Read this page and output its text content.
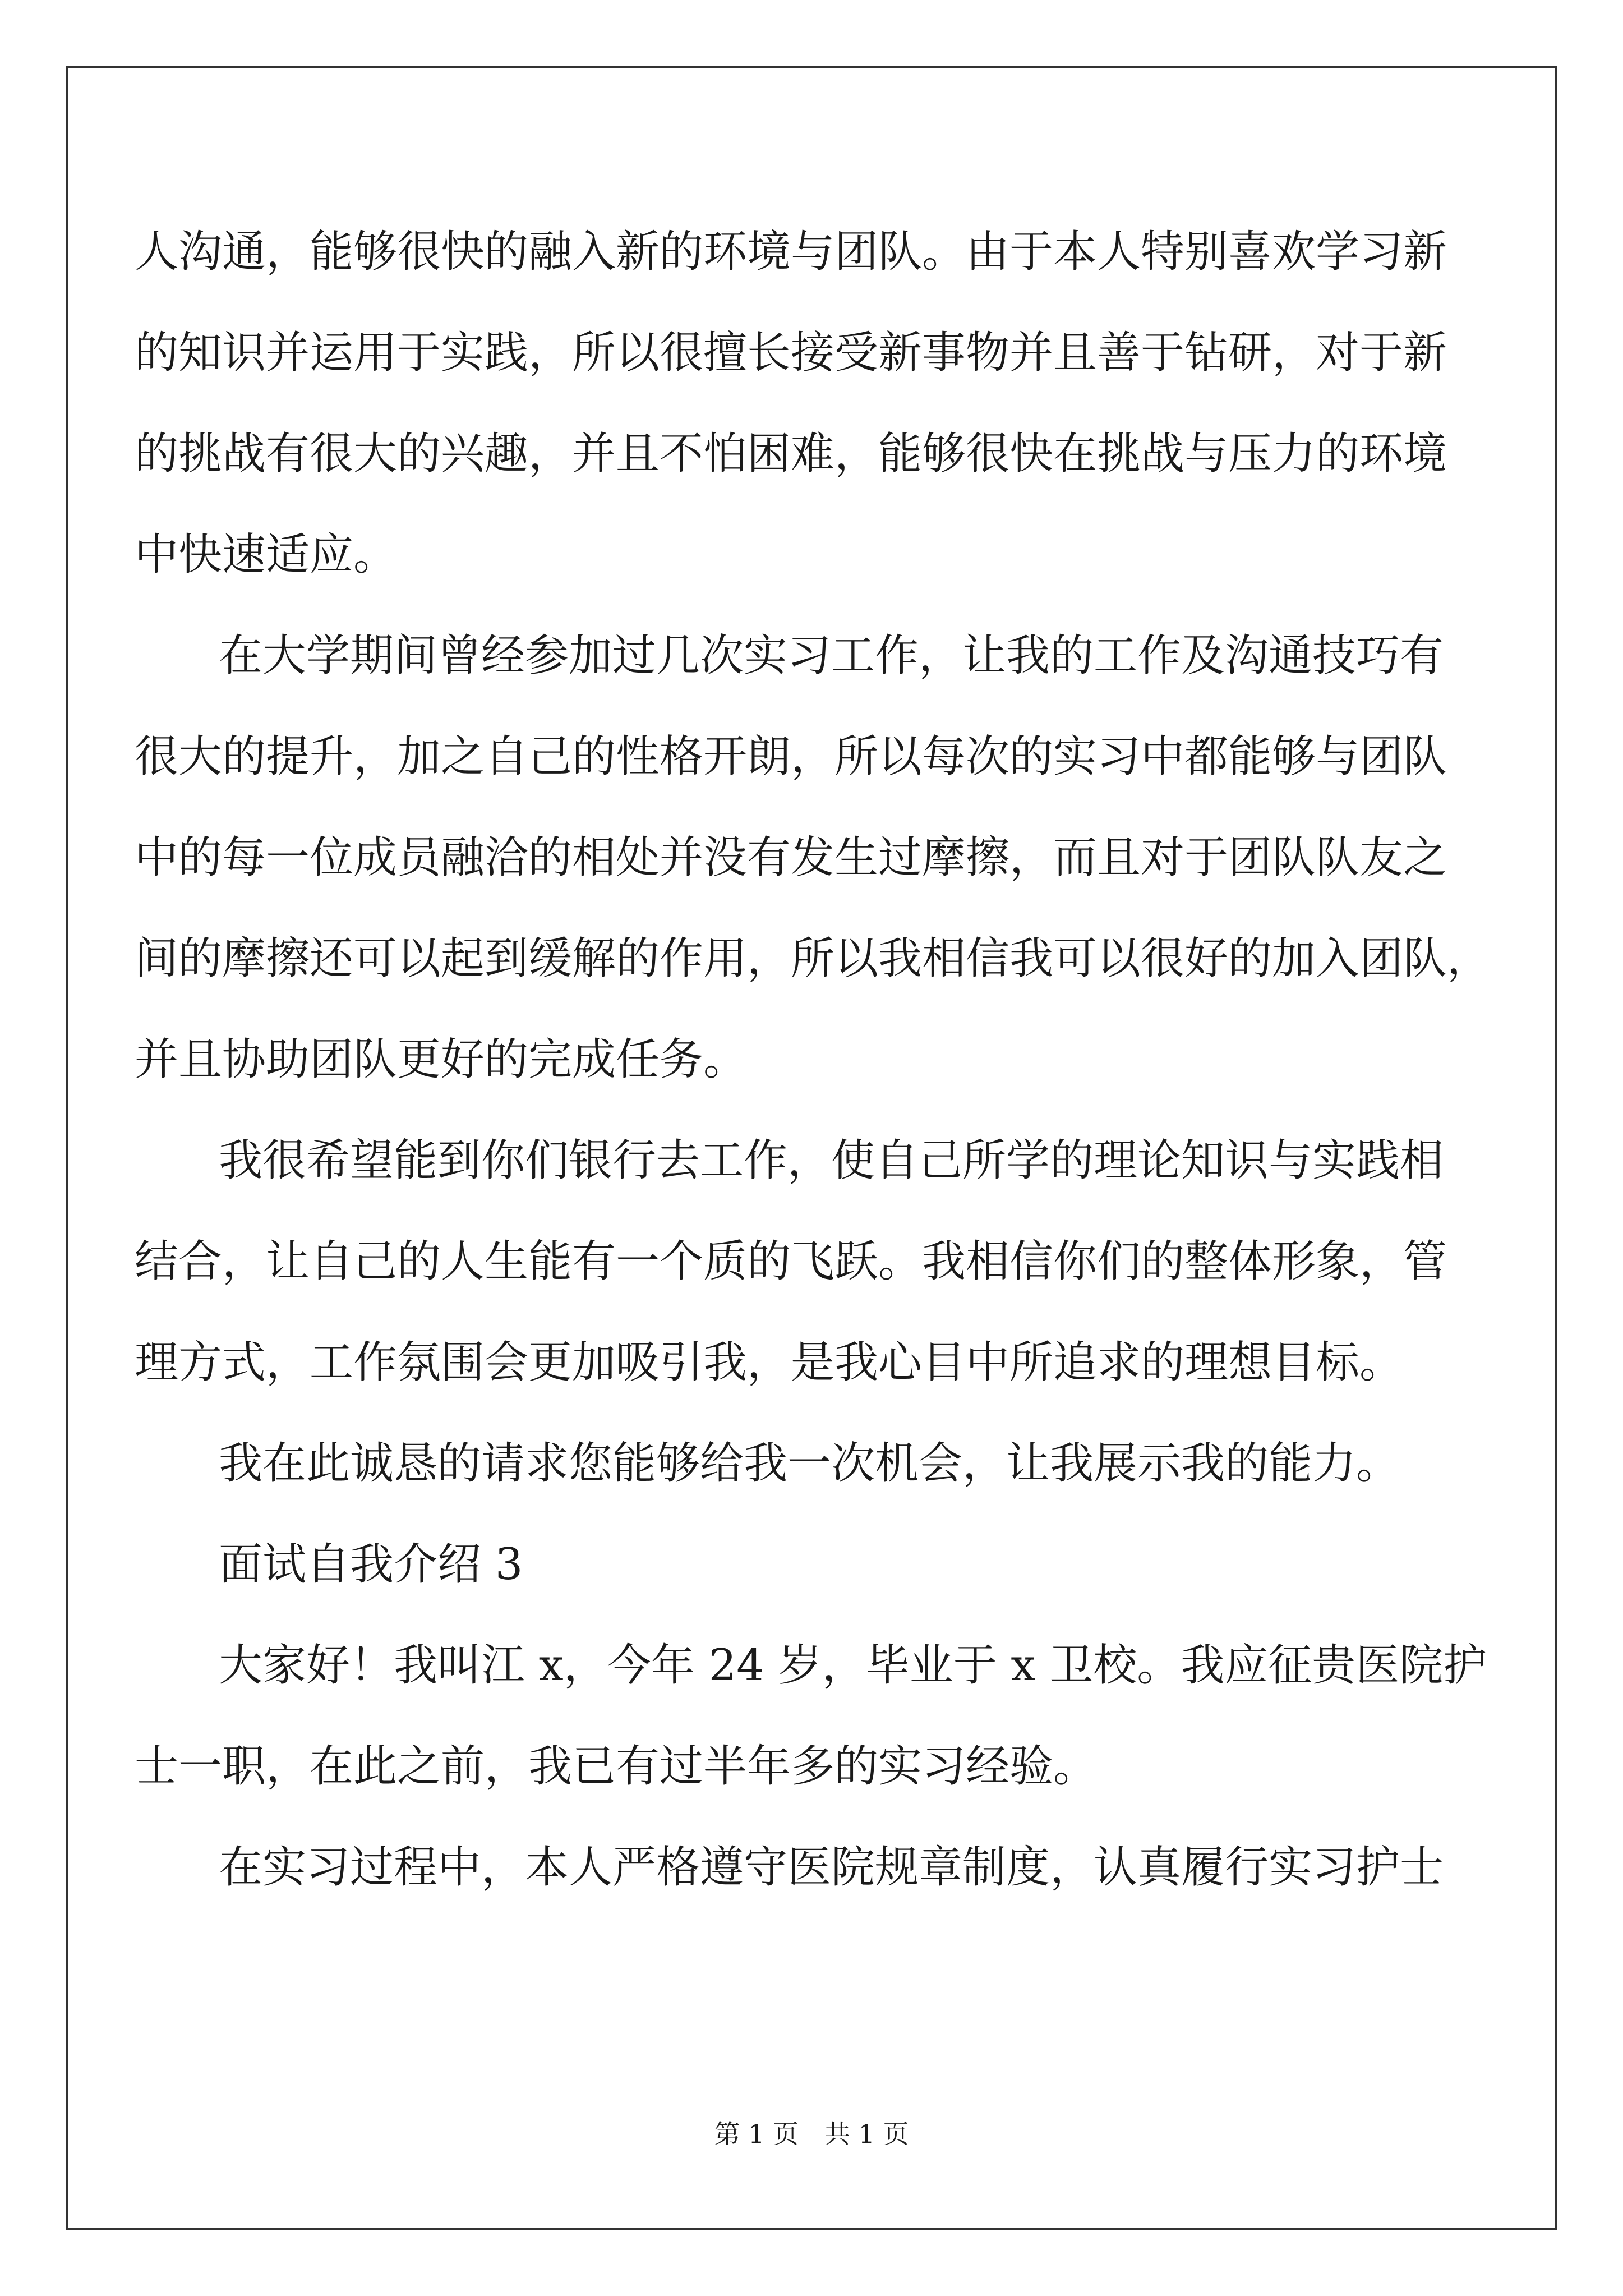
人沟通，能够很快的融入新的环境与团队。由于本人特别喜欢学习新
的知识并运用于实践，所以很擅长接受新事物并且善于钻研，对于新
的挑战有很大的兴趣，并且不怕困难，能够很快在挑战与压力的环境
中快速适应。
在大学期间曾经参加过几次实习工作，让我的工作及沟通技巧有
很大的提升，加之自己的性格开朗，所以每次的实习中都能够与团队
中的每一位成员融洽的相处并没有发生过摩擦，而且对于团队队友之
间的摩擦还可以起到缓解的作用，所以我相信我可以很好的加入团队，
并且协助团队更好的完成任务。
我很希望能到你们银行去工作，使自己所学的理论知识与实践相
结合，让自己的人生能有一个质的飞跃。我相信你们的整体形象，管
理方式，工作氛围会更加吸引我，是我心目中所追求的理想目标。
我在此诚恳的请求您能够给我一次机会，让我展示我的能力。
面试自我介绍 3
大家好！我叫江 x，今年 24 岁，毕业于 x 卫校。我应征贵医院护
士一职，在此之前，我已有过半年多的实习经验。
在实习过程中，本人严格遵守医院规章制度，认真履行实习护士
第 1 页　共 1 页
